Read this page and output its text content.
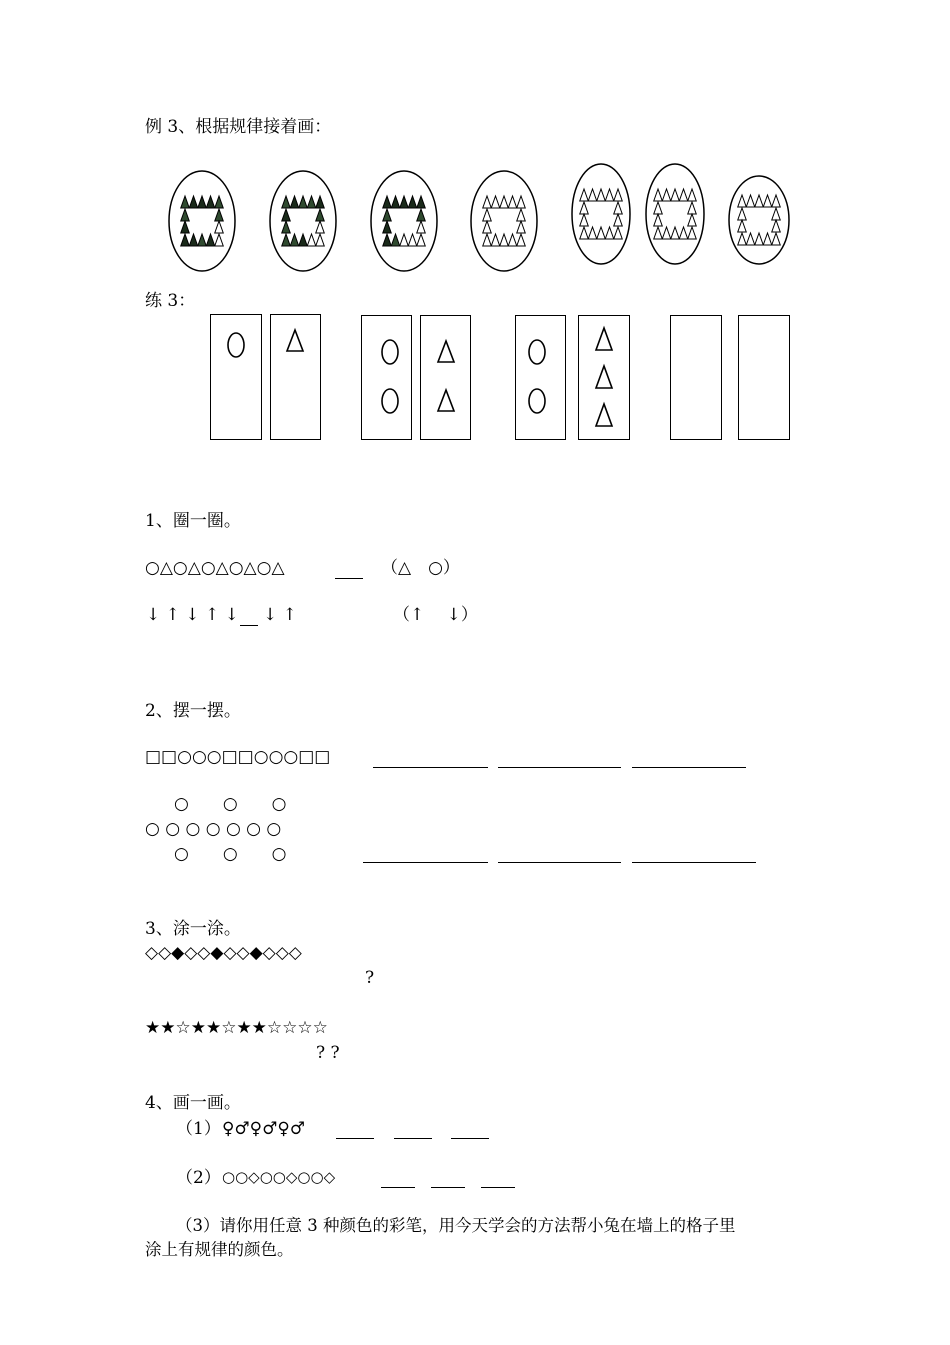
例 3、根据规律接着画：
练 3：
1、圈一圈。
○△○△○△○△○△	（△　○）
↓ ↑ ↓ ↑ ↓ ↓ ↑	（↑　 ↓）
2、摆一摆。
□□○○○□□○○○□□
○　　○　　○
○ ○ ○ ○ ○ ○ ○
○　　○　　○
3、涂一涂。
◇◇◆◇◇◆◇◇◆◇◇◇
?
★★☆★★☆★★☆☆☆☆
? ?
4、画一画。
（1） ♀♂♀♂♀♂
（2） ○○◇○○◇○○◇
（3）请你用任意 3 种颜色的彩笔，用今天学会的方法帮小兔在墙上的格子里
涂上有规律的颜色。
